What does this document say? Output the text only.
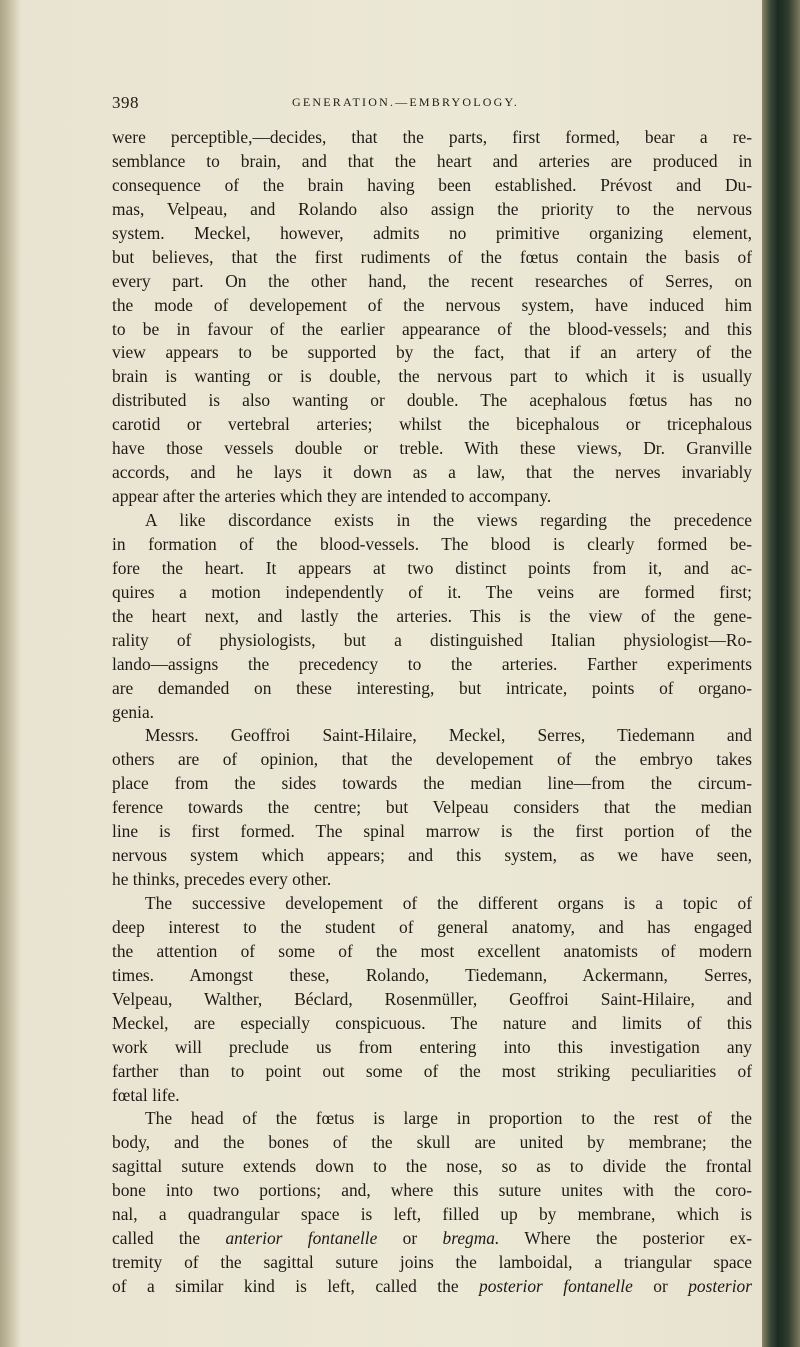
398	GENERATION.—EMBRYOLOGY.
were perceptible,—decides, that the parts, first formed, bear a re-
semblance to brain, and that the heart and arteries are produced in
consequence of the brain having been established. Prévost and Du-
mas, Velpeau, and Rolando also assign the priority to the nervous
system. Meckel, however, admits no primitive organizing element,
but believes, that the first rudiments of the fœtus contain the basis of
every part. On the other hand, the recent researches of Serres, on
the mode of developement of the nervous system, have induced him
to be in favour of the earlier appearance of the blood-vessels; and this
view appears to be supported by the fact, that if an artery of the
brain is wanting or is double, the nervous part to which it is usually
distributed is also wanting or double. The acephalous fœtus has no
carotid or vertebral arteries; whilst the bicephalous or tricephalous
have those vessels double or treble. With these views, Dr. Granville
accords, and he lays it down as a law, that the nerves invariably
appear after the arteries which they are intended to accompany.
A like discordance exists in the views regarding the precedence
in formation of the blood-vessels. The blood is clearly formed be-
fore the heart. It appears at two distinct points from it, and ac-
quires a motion independently of it. The veins are formed first;
the heart next, and lastly the arteries. This is the view of the gene-
rality of physiologists, but a distinguished Italian physiologist—Ro-
lando—assigns the precedency to the arteries. Farther experiments
are demanded on these interesting, but intricate, points of organo-
genia.
Messrs. Geoffroi Saint-Hilaire, Meckel, Serres, Tiedemann and
others are of opinion, that the developement of the embryo takes
place from the sides towards the median line—from the circum-
ference towards the centre; but Velpeau considers that the median
line is first formed. The spinal marrow is the first portion of the
nervous system which appears; and this system, as we have seen,
he thinks, precedes every other.
The successive developement of the different organs is a topic of
deep interest to the student of general anatomy, and has engaged
the attention of some of the most excellent anatomists of modern
times. Amongst these, Rolando, Tiedemann, Ackermann, Serres,
Velpeau, Walther, Béclard, Rosenmüller, Geoffroi Saint-Hilaire, and
Meckel, are especially conspicuous. The nature and limits of this
work will preclude us from entering into this investigation any
farther than to point out some of the most striking peculiarities of
fœtal life.
The head of the fœtus is large in proportion to the rest of the
body, and the bones of the skull are united by membrane; the
sagittal suture extends down to the nose, so as to divide the frontal
bone into two portions; and, where this suture unites with the coro-
nal, a quadrangular space is left, filled up by membrane, which is
called the anterior fontanelle or bregma. Where the posterior ex-
tremity of the sagittal suture joins the lamboidal, a triangular space
of a similar kind is left, called the posterior fontanelle or posterior
